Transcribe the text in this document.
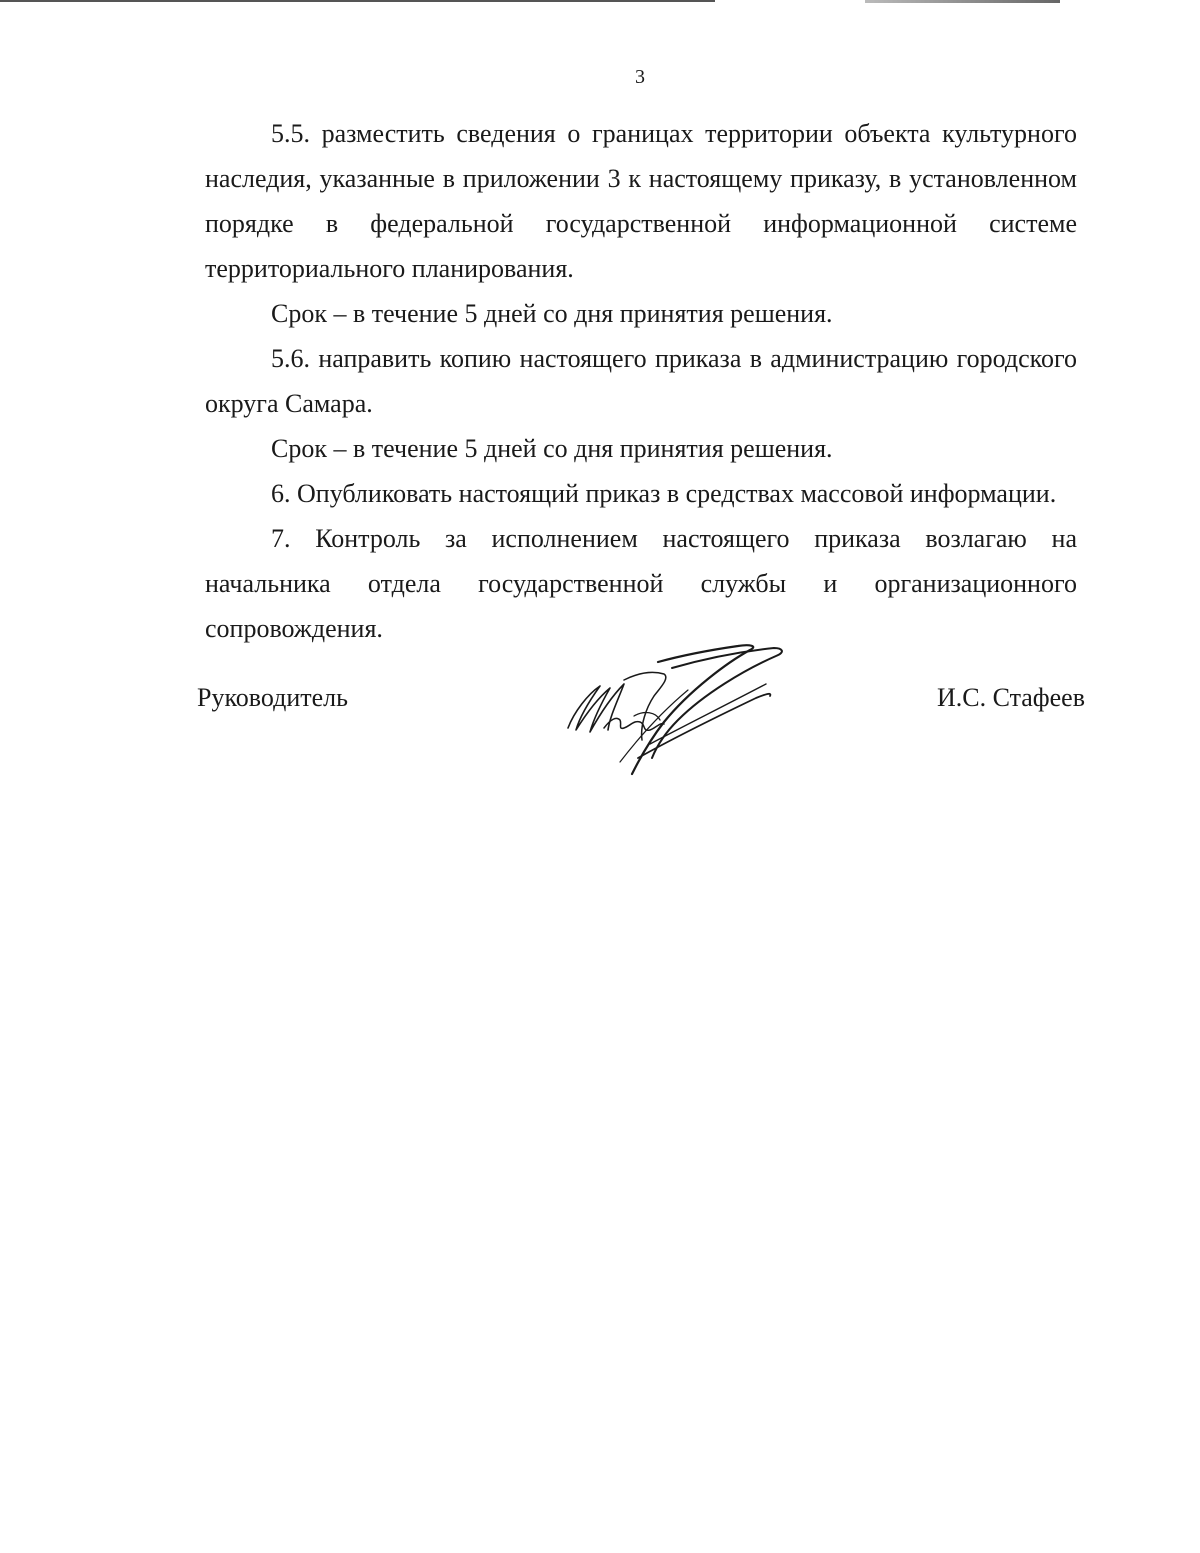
3

5.5. разместить сведения о границах территории объекта культурного наследия, указанные в приложении 3 к настоящему приказу, в установленном порядке в федеральной государственной информационной системе территориального планирования.

Срок – в течение 5 дней со дня принятия решения.

5.6. направить копию настоящего приказа в администрацию городского округа Самара.

Срок – в течение 5 дней со дня принятия решения.

6. Опубликовать настоящий приказ в средствах массовой информации.

7. Контроль за исполнением настоящего приказа возлагаю на начальника отдела государственной службы и организационного сопровождения.

Руководитель	И.С. Стафеев
